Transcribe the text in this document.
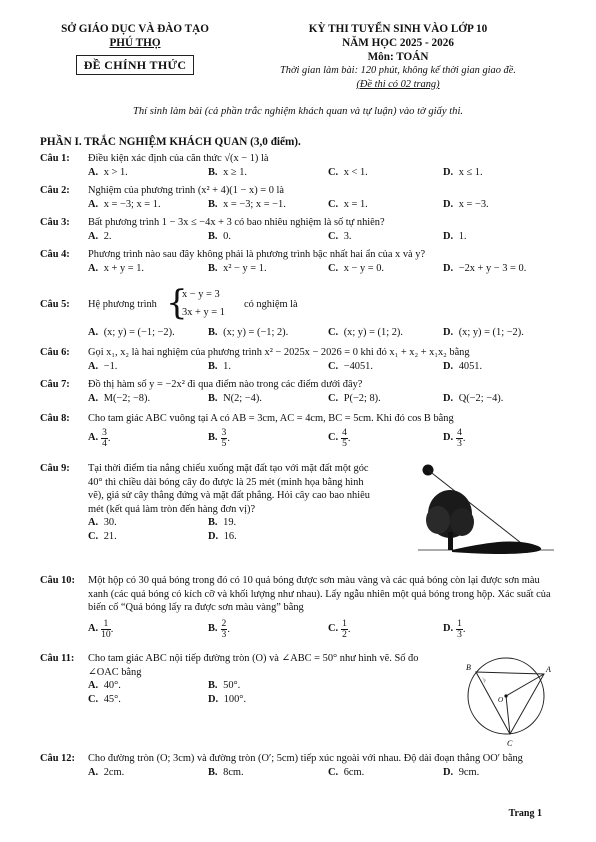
SỞ GIÁO DỤC VÀ ĐÀO TẠO
PHÚ THỌ
ĐỀ CHÍNH THỨC
KỲ THI TUYỂN SINH VÀO LỚP 10
NĂM HỌC 2025 - 2026
Môn: TOÁN
Thời gian làm bài: 120 phút, không kể thời gian giao đề.
(Đề thi có 02 trang)
Thí sinh làm bài (cả phần trắc nghiệm khách quan và tự luận) vào tờ giấy thi.
PHẦN I. TRẮC NGHIỆM KHÁCH QUAN (3,0 điểm).
Câu 1:	Điều kiện xác định của căn thức √(x − 1) là
A. x > 1.	B. x ≥ 1.	C. x < 1.	D. x ≤ 1.
Câu 2:	Nghiệm của phương trình (x² + 4)(1 − x) = 0 là
A. x = −3; x = 1.	B. x = −3; x = −1.	C. x = 1.	D. x = −3.
Câu 3:	Bất phương trình 1 − 3x ≤ −4x + 3 có bao nhiêu nghiệm là số tự nhiên?
A. 2.	B. 0.	C. 3.	D. 1.
Câu 4:	Phương trình nào sau đây không phải là phương trình bậc nhất hai ẩn của x và y?
A. x + y = 1.	B. x² − y = 1.	C. x − y = 0.	D. −2x + y − 3 = 0.
Câu 5:	Hệ phương trình {
x − y = 3
3x + y = 1
có nghiệm là
A. (x; y) = (−1; −2).	B. (x; y) = (−1; 2).	C. (x; y) = (1; 2).	D. (x; y) = (1; −2).
Câu 6:	Gọi x₁, x₂ là hai nghiệm của phương trình x² − 2025x − 2026 = 0 khi đó x₁ + x₂ + x₁x₂ bằng
A. −1.	B. 1.	C. −4051.	D. 4051.
Câu 7:	Đồ thị hàm số y = −2x² đi qua điểm nào trong các điểm dưới đây?
A. M(−2; −8).	B. N(2; −4).	C. P(−2; 8).	D. Q(−2; −4).
Câu 8:	Cho tam giác ABC vuông tại A có AB = 3cm, AC = 4cm, BC = 5cm. Khi đó cos B bằng
A. $\frac{3}{4}$ .	B. $\frac{3}{5}$ .	C. $\frac{4}{5}$ .	D. $\frac{4}{3}$ .
Câu 9:	Tại thời điểm tia nắng chiếu xuống mặt đất tạo với mặt đất một góc 40° thì chiều dài bóng cây đo được là 25 mét (minh họa bằng hình vẽ), giả sử cây thẳng đứng và mặt đất phẳng. Hỏi cây cao bao nhiêu mét (kết quả làm tròn đến hàng đơn vị)?
A. 30.	B. 19.
C. 21.	D. 16.
Câu 10:	Một hộp có 30 quả bóng trong đó có 10 quả bóng được sơn màu vàng và các quả bóng còn lại được sơn màu xanh (các quả bóng có kích cỡ và khối lượng như nhau). Lấy ngẫu nhiên một quả bóng trong hộp. Xác suất của biến cố “Quả bóng lấy ra được sơn màu vàng” bằng
A. $\frac{1}{10}$ .	B. $\frac{2}{3}$ .	C. $\frac{1}{2}$ .	D. $\frac{1}{3}$ .
Câu 11:	Cho tam giác ABC nội tiếp đường tròn (O) và ∠ABC = 50° như hình vẽ. Số đo ∠OAC bằng
A. 40°.	B. 50°.
C. 45°.	D. 100°.
B	A
C
O
Câu 12:	Cho đường tròn (O; 3cm) và đường tròn (O′; 5cm) tiếp xúc ngoài với nhau. Độ dài đoạn thẳng OO′ bằng
A. 2cm.	B. 8cm.	C. 6cm.	D. 9cm.
Trang 1
